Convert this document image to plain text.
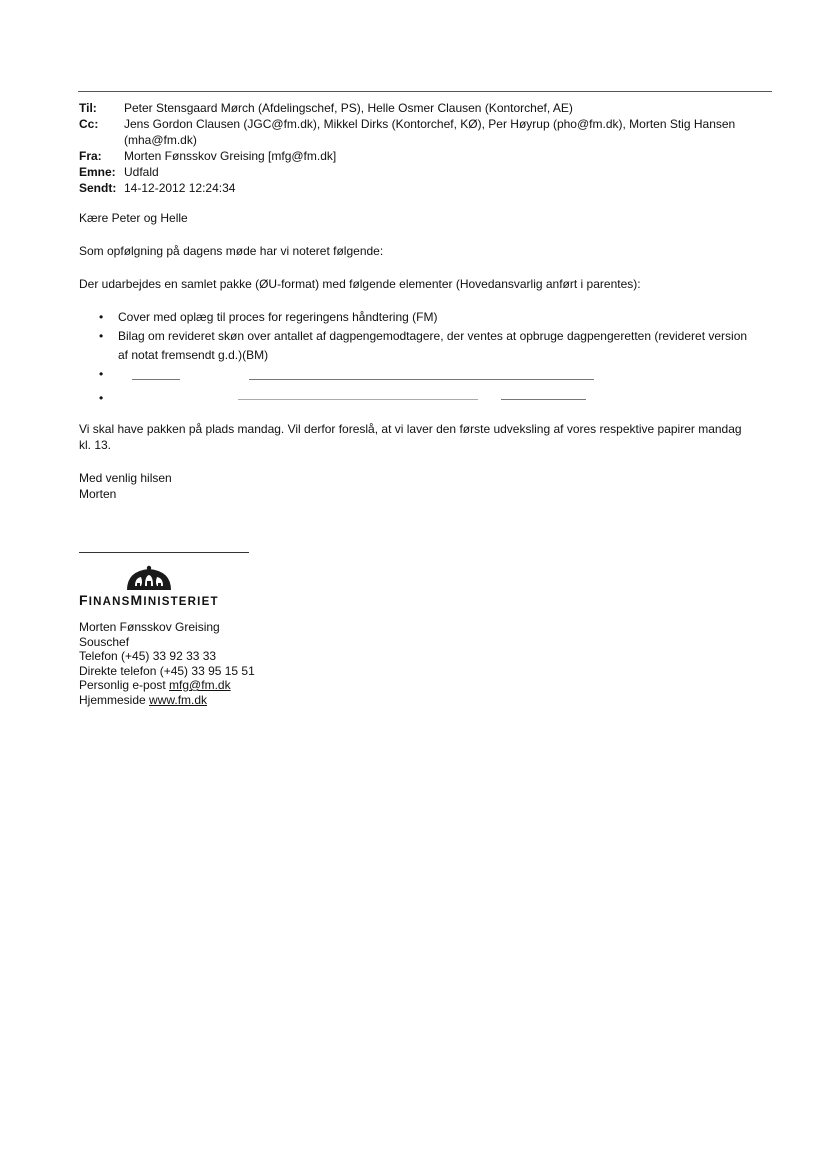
Til:	Peter Stensgaard Mørch (Afdelingschef, PS), Helle Osmer Clausen (Kontorchef, AE)
Cc:	Jens Gordon Clausen (JGC@fm.dk), Mikkel Dirks (Kontorchef, KØ), Per Høyrup (pho@fm.dk), Morten Stig Hansen (mha@fm.dk)
Fra:	Morten Fønsskov Greising [mfg@fm.dk]
Emne: Udfald
Sendt: 14-12-2012 12:24:34

Kære Peter og Helle

Som opfølgning på dagens møde har vi noteret følgende:

Der udarbejdes en samlet pakke (ØU-format) med følgende elementer (Hovedansvarlig anført i parentes):

• Cover med oplæg til proces for regeringens håndtering (FM)
• Bilag om revideret skøn over antallet af dagpengemodtagere, der ventes at opbruge dagpengeretten (revideret version af notat fremsendt g.d.)(BM)
•

•

Vi skal have pakken på plads mandag. Vil derfor foreslå, at vi laver den første udveksling af vores respektive papirer mandag kl. 13.

Med venlig hilsen

Morten

FINANSMINISTERIET
Morten Fønsskov Greising
Souschef
Telefon (+45) 33 92 33 33
Direkte telefon (+45) 33 95 15 51
Personlig e-post mfg@fm.dk
Hjemmeside www.fm.dk
